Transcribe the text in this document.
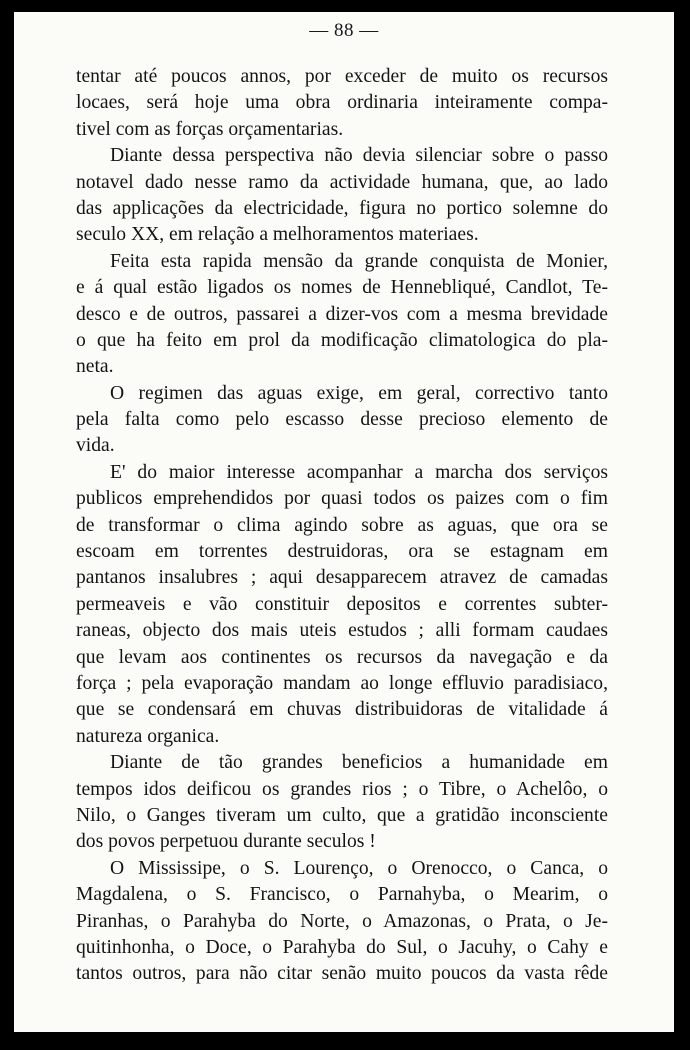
— 88 —
tentar até poucos annos, por exceder de muito os recursos
locaes, será hoje uma obra ordinaria inteiramente compa-
tivel com as forças orçamentarias.
Diante dessa perspectiva não devia silenciar sobre o passo
notavel dado nesse ramo da actividade humana, que, ao lado
das applicações da electricidade, figura no portico solemne do
seculo XX, em relação a melhoramentos materiaes.
Feita esta rapida mensão da grande conquista de Monier,
e á qual estão ligados os nomes de Hennebliqué, Candlot, Te-
desco e de outros, passarei a dizer-vos com a mesma brevidade
o que ha feito em prol da modificação climatologica do pla-
neta.
O regimen das aguas exige, em geral, correctivo tanto
pela falta como pelo escasso desse precioso elemento de
vida.
E' do maior interesse acompanhar a marcha dos serviços
publicos emprehendidos por quasi todos os paizes com o fim
de transformar o clima agindo sobre as aguas, que ora se
escoam em torrentes destruidoras, ora se estagnam em
pantanos insalubres ; aqui desapparecem atravez de camadas
permeaveis e vão constituir depositos e correntes subter-
raneas, objecto dos mais uteis estudos ; alli formam caudaes
que levam aos continentes os recursos da navegação e da
força ; pela evaporação mandam ao longe effluvio paradisiaco,
que se condensará em chuvas distribuidoras de vitalidade á
natureza organica.
Diante de tão grandes beneficios a humanidade em
tempos idos deificou os grandes rios ; o Tibre, o Achelôo, o
Nilo, o Ganges tiveram um culto, que a gratidão inconsciente
dos povos perpetuou durante seculos !
O Mississipe, o S. Lourenço, o Orenocco, o Canca, o
Magdalena, o S. Francisco, o Parnahyba, o Mearim, o
Piranhas, o Parahyba do Norte, o Amazonas, o Prata, o Je-
quitinhonha, o Doce, o Parahyba do Sul, o Jacuhy, o Cahy e
tantos outros, para não citar senão muito poucos da vasta rêde
